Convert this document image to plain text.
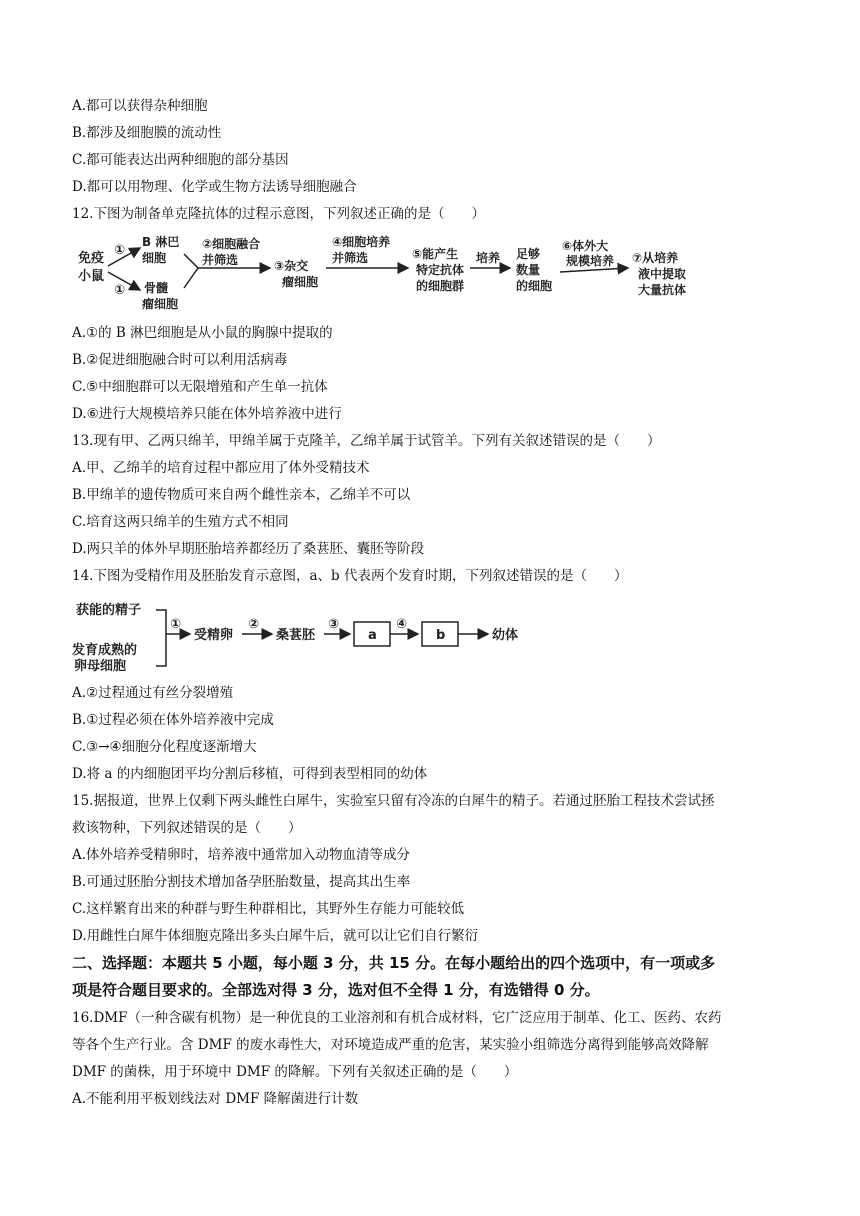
A.都可以获得杂种细胞
B.都涉及细胞膜的流动性
C.都可能表达出两种细胞的部分基因
D.都可以用物理、化学或生物方法诱导细胞融合
12.下图为制备单克隆抗体的过程示意图，下列叙述正确的是（　　）
免疫
小鼠
①
①
B 淋巴
细胞
骨髓
瘤细胞
②细胞融合
并筛选	③杂交
瘤细胞
④细胞培养
并筛选	⑤能产生
特定抗体
的细胞群
培养 足够
数量
的细胞
⑥体外大
规模培养 ⑦从培养
液中提取
大量抗体
A.①的 B 淋巴细胞是从小鼠的胸腺中提取的
B.②促进细胞融合时可以利用活病毒
C.⑤中细胞群可以无限增殖和产生单一抗体
D.⑥进行大规模培养只能在体外培养液中进行
13.现有甲、乙两只绵羊，甲绵羊属于克隆羊，乙绵羊属于试管羊。下列有关叙述错误的是（　　）
A.甲、乙绵羊的培育过程中都应用了体外受精技术
B.甲绵羊的遗传物质可来自两个雌性亲本，乙绵羊不可以
C.培育这两只绵羊的生殖方式不相同
D.两只羊的体外早期胚胎培养都经历了桑葚胚、囊胚等阶段
14.下图为受精作用及胚胎发育示意图，a、b 代表两个发育时期，下列叙述错误的是（　　）
获能的精子
发育成熟的
卵母细胞
①
受精卵
②
桑葚胚
③
a
④
b	幼体
A.②过程通过有丝分裂增殖
B.①过程必须在体外培养液中完成
C.③→④细胞分化程度逐渐增大
D.将 a 的内细胞团平均分割后移植，可得到表型相同的幼体
15.据报道，世界上仅剩下两头雌性白犀牛，实验室只留有冷冻的白犀牛的精子。若通过胚胎工程技术尝试拯
救该物种，下列叙述错误的是（　　）
A.体外培养受精卵时，培养液中通常加入动物血清等成分
B.可通过胚胎分割技术增加备孕胚胎数量，提高其出生率
C.这样繁育出来的种群与野生种群相比，其野外生存能力可能较低
D.用雌性白犀牛体细胞克隆出多头白犀牛后，就可以让它们自行繁衍
二、选择题：本题共 5 小题，每小题 3 分，共 15 分。在每小题给出的四个选项中，有一项或多
项是符合题目要求的。全部选对得 3 分，选对但不全得 1 分，有选错得 0 分。
16.DMF（一种含碳有机物）是一种优良的工业溶剂和有机合成材料，它广泛应用于制革、化工、医药、农药
等各个生产行业。含 DMF 的废水毒性大，对环境造成严重的危害，某实验小组筛选分离得到能够高效降解
DMF 的菌株，用于环境中 DMF 的降解。下列有关叙述正确的是（　　）
A.不能利用平板划线法对 DMF 降解菌进行计数
